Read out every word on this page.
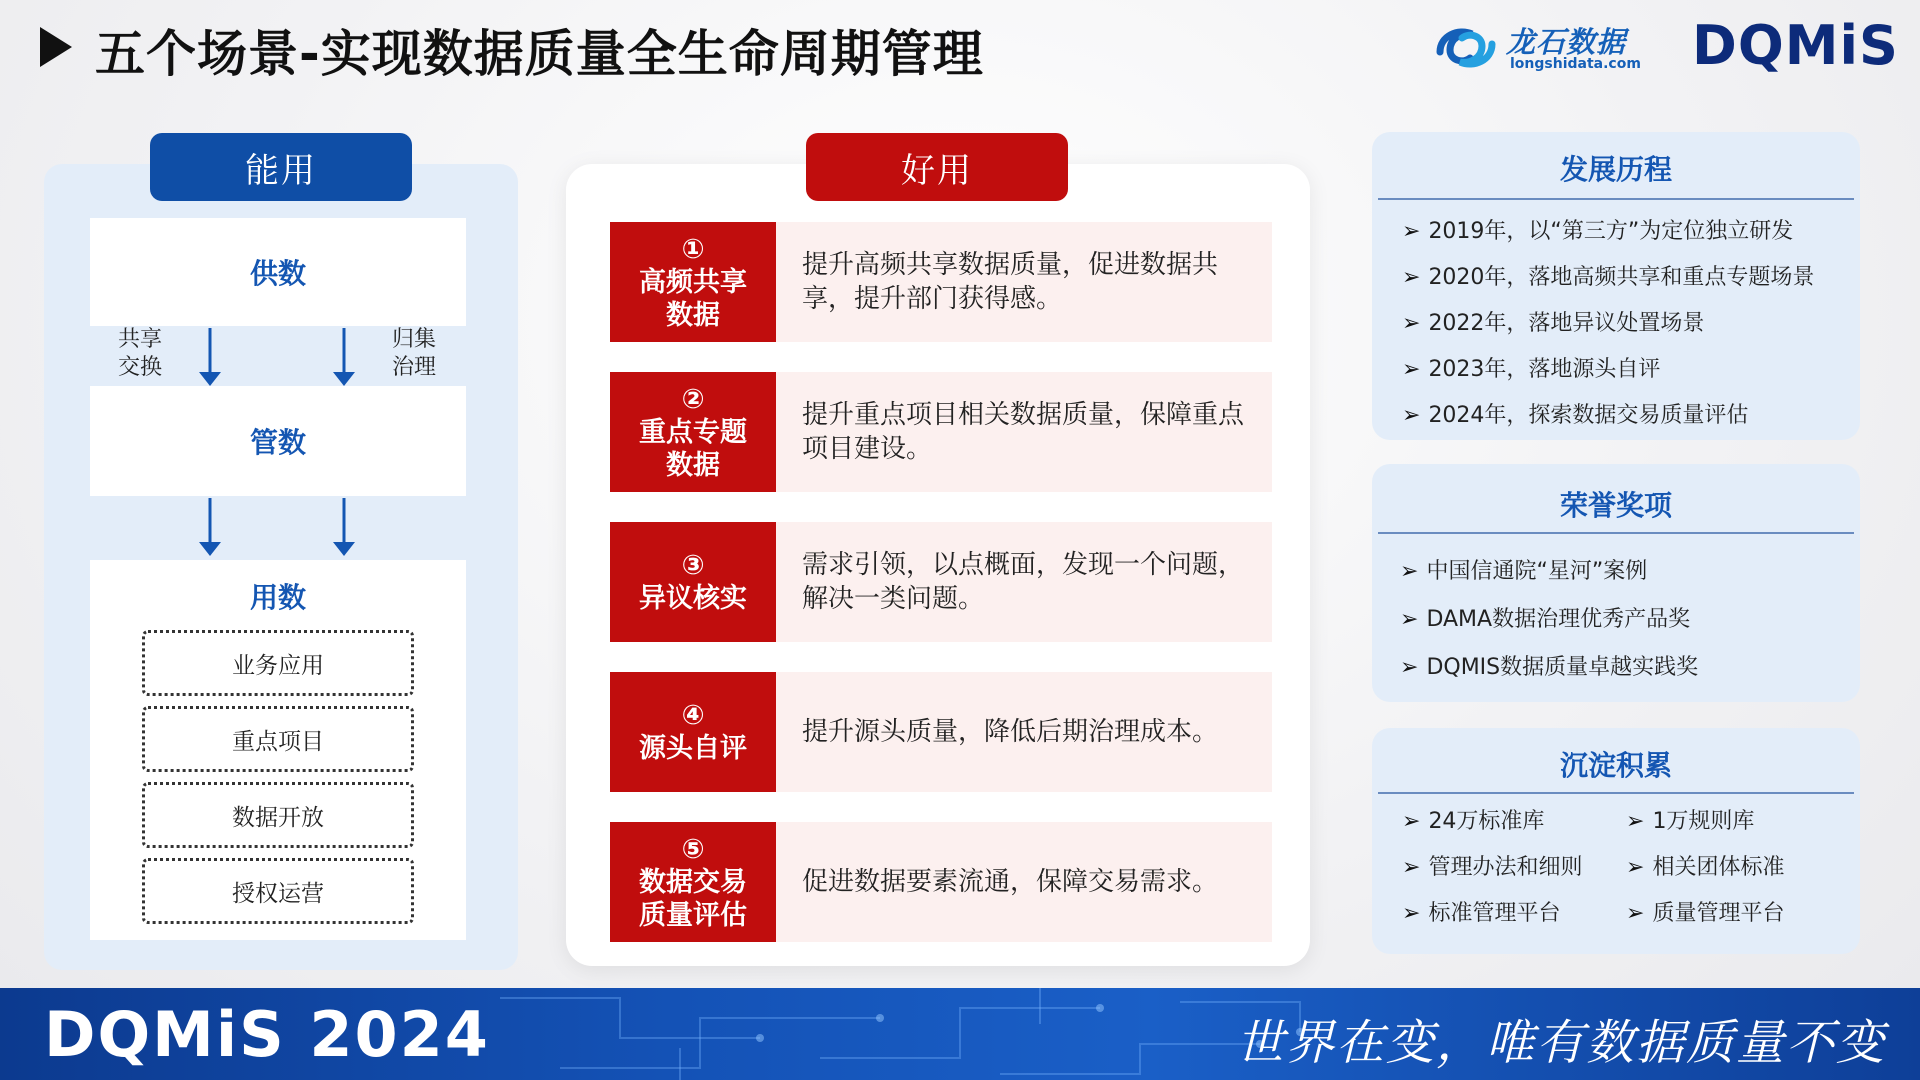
五个场景-实现数据质量全生命周期管理	龙石数据
longshidata.com DQMiS
能用
供数
共享
交换
归集
治理
管数
用数
业务应用
重点项目
数据开放
授权运营
好用
①
高频共享
数据
提升高频共享数据质量，促进数据共享，提升部门获得感。
②
重点专题
数据
提升重点项目相关数据质量，保障重点项目建设。
③
异议核实
需求引领，以点概面，发现一个问题，解决一类问题。
④
源头自评
提升源头质量，降低后期治理成本。
⑤
数据交易
质量评估
促进数据要素流通，保障交易需求。
发展历程
➢ 2019年，以“第三方”为定位独立研发
➢ 2020年，落地高频共享和重点专题场景
➢ 2022年，落地异议处置场景
➢ 2023年，落地源头自评
➢ 2024年，探索数据交易质量评估
荣誉奖项
➢ 中国信通院“星河”案例
➢ DAMA数据治理优秀产品奖
➢ DQMIS数据质量卓越实践奖
沉淀积累
➢ 24万标准库	➢ 1万规则库
➢ 管理办法和细则 ➢ 相关团体标准
➢ 标准管理平台	➢ 质量管理平台
DQMiS 2024	世界在变，唯有数据质量不变
